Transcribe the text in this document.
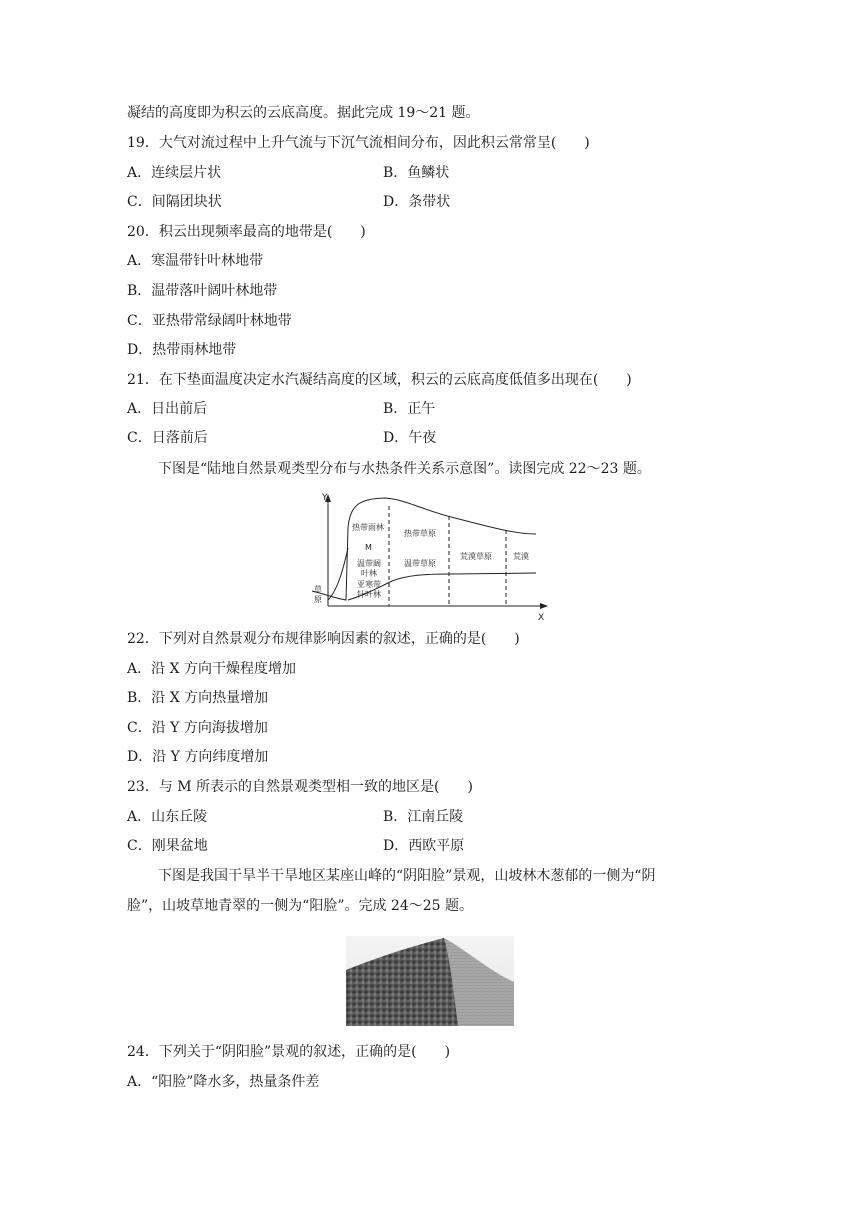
凝结的高度即为积云的云底高度。据此完成 19～21 题。
19．大气对流过程中上升气流与下沉气流相间分布，因此积云常常呈(　　)
A．连续层片状	B．鱼鳞状
C．间隔团块状	D．条带状
20．积云出现频率最高的地带是(　　)
A．寒温带针叶林地带
B．温带落叶阔叶林地带
C．亚热带常绿阔叶林地带
D．热带雨林地带
21．在下垫面温度决定水汽凝结高度的区域，积云的云底高度低值多出现在(　　)
A．日出前后	B．正午
C．日落前后	D．午夜
下图是“陆地自然景观类型分布与水热条件关系示意图”。读图完成 22～23 题。
Y
X
草
原
热带雨林
M
温带阔
叶林
亚寒带
针叶林
热带草原
温带草原
荒漠草原	荒漠
22．下列对自然景观分布规律影响因素的叙述，正确的是(　　)
A．沿 X 方向干燥程度增加
B．沿 X 方向热量增加
C．沿 Y 方向海拔增加
D．沿 Y 方向纬度增加
23．与 M 所表示的自然景观类型相一致的地区是(　　)
A．山东丘陵	B．江南丘陵
C．刚果盆地	D．西欧平原
下图是我国干旱半干旱地区某座山峰的“阴阳脸”景观，山坡林木葱郁的一侧为“阴
脸”，山坡草地青翠的一侧为“阳脸”。完成 24～25 题。
24．下列关于“阴阳脸”景观的叙述，正确的是(　　)
A．“阳脸”降水多，热量条件差
